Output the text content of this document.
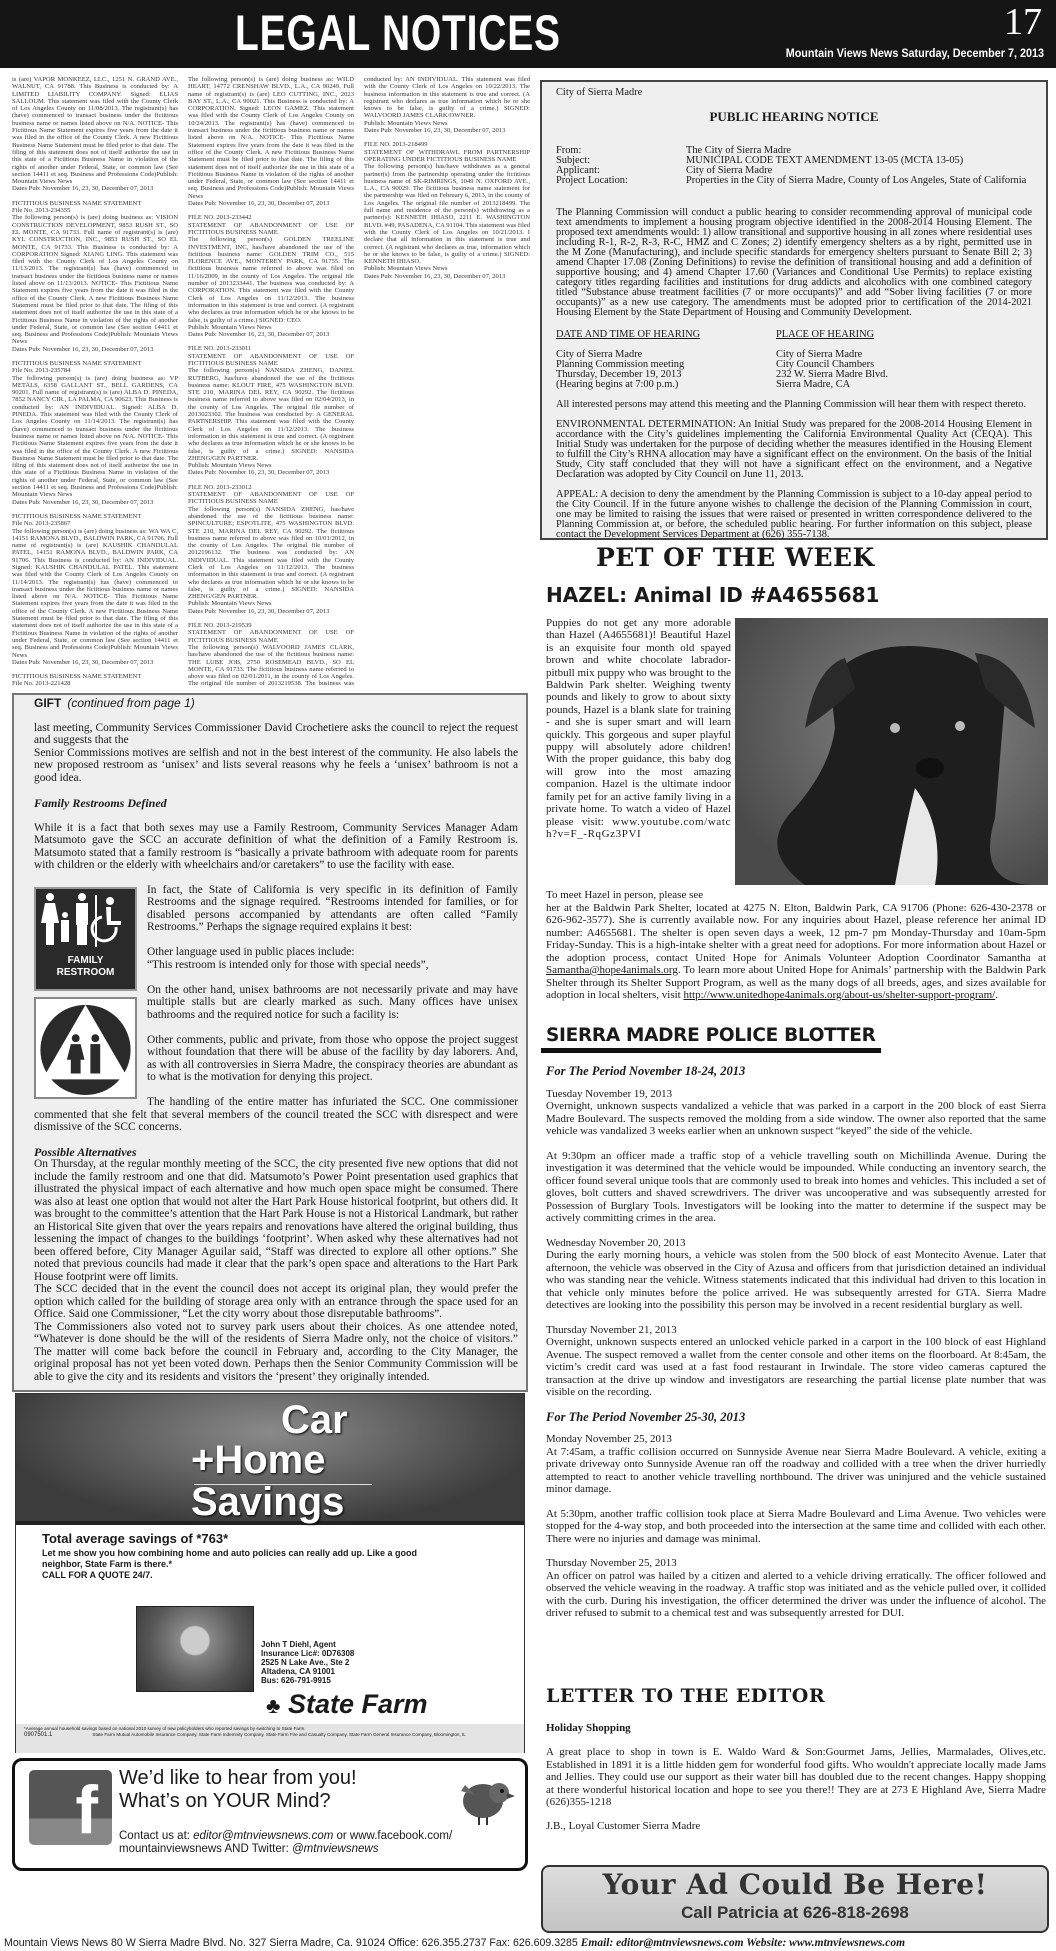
LEGAL NOTICES	17
Mountain Views News Saturday, December 7, 2013

is (are) VAPOR MONKEEZ, LLC., 1251 N. GRAND AVE., WALNUT, CA 91788. This Business is conducted by: A LIMITED LIABILITY COMPANY. Signed: ELIAS SALLOUM. This statement was filed with the County Clerk of Los Angeles County on 11/08/2013. The registrant(s) has (have) commenced to transact business under the fictitious business name or names listed above on N/A. NOTICE- This Fictitious Name Statement expires five years from the date it was filed in the office of the County Clerk. A new Fictitious Business Name Statement must be filed prior to that date. The filing of this statement does not of itself authorize the use in this state of a Fictitious Business Name in violation of the rights of another under Federal, State, or common law (See section 14411 et seq. Business and Professions Code)Publish: Mountain Views News

Dates Pub: November 16, 23, 30, December 07, 2013

FICTITIOUS BUSINESS NAME STATEMENT

File No. 2013-234355

The following person(s) is (are) doing business as: VISION CONSTRUCTION DEVELOPMENT, 9853 RUSH ST., SO EL MONTE, CA 91733. Full name of registrant(s) is (are) KYL CONSTRUCTION, INC., 9853 RUSH ST., SO EL MONTE, CA 91733. This Business is conducted by: A CORPORATION Signed: XIANG LING. This statement was filed with the County Clerk of Los Angeles County on 11/13/2013. The registrant(s) has (have) commenced to transact business under the fictitious business name or names listed above on 11/13/2013. NOTICE- This Fictitious Name Statement expires five years from the date it was filed in the office of the County Clerk. A new Fictitious Business Name Statement must be filed prior to that date. The filing of this statement does not of itself authorize the use in this state of a Fictitious Business Name in violation of the rights of another under Federal, State, or common law (See section 14411 et seq. Business and Professions Code)Publish: Mountain Views News

Dates Pub: November 16, 23, 30, December 07, 2013

FICTITIOUS BUSINESS NAME STATEMENT

File No. 2013-235784

The following person(s) is (are) doing business as: VP METALS, 6358 GALLANT ST., BELL GARDENS, CA 90201. Full name of registrant(s) is (are) ALBA D. PINEDA, 7852 NANCY CIR., LA PALMA, CA 90623. This Business is conducted by: AN INDIVIDUAL. Signed: ALBA D. PINEDA. This statement was filed with the County Clerk of Los Angeles County on 11/14/2013. The registrant(s) has (have) commenced to transact business under the fictitious business name or names listed above on N/A. NOTICE- This Fictitious Name Statement expires five years from the date it was filed in the office of the County Clerk. A new Fictitious Business Name Statement must be filed prior to that date. The filing of this statement does not of itself authorize the use in this state of a Fictitious Business Name in violation of the rights of another under Federal, State, or common law (See section 14411 et seq. Business and Professions Code)Publish: Mountain Views News

Dates Pub: November 16, 23, 30, December 07, 2013

FICTITIOUS BUSINESS NAME STATEMENT

File No. 2013-235867

The following person(s) is (are) doing business as: WA WA C, 14151 RAMONA BLVD., BALDWIN PARK, CA 91706. Full name of registrant(s) is (are) KAUSHIK CHANDULAL PATEL, 14151 RAMONA BLVD., BALDWIN PARK, CA 91706. This Business is conducted by: AN INDIVIDUAL. Signed: KAUSHIK CHANDULAL PATEL. This statement was filed with the County Clerk of Los Angeles County on 11/14/2013. The registrant(s) has (have) commenced to transact business under the fictitious business name or names listed above on N/A. NOTICE- This Fictitious Name Statement expires five years from the date it was filed in the office of the County Clerk. A new Fictitious Business Name Statement must be filed prior to that date. The filing of this statement does not of itself authorize the use in this state of a Fictitious Business Name in violation of the rights of another under Federal, State, or common law (See section 14411 et seq. Business and Professions Code)Publish: Mountain Views News

Dates Pub: November 16, 23, 30, December 07, 2013

FICTITIOUS BUSINESS NAME STATEMENT

File No. 2013-221428

The following person(s) is (are) doing business as: WILD HEART, 14772 CRENSHAW BLVD., L.A., CA 90249. Full name of registrant(s) is (are) LEO CUTTING, INC., 2023 BAY ST., L.A., CA 90021. This Business is conducted by: A CORPORATION. Signed: LEON GAMEZ. This statement was filed with the County Clerk of Los Angeles County on 10/24/2013. The registrant(s) has (have) commenced to transact business under the fictitious business name or names listed above on N/A. NOTICE- This Fictitious Name Statement expires five years from the date it was filed in the office of the County Clerk. A new Fictitious Business Name Statement must be filed prior to that date. The filing of this statement does not of itself authorize the use in this state of a Fictitious Business Name in violation of the rights of another under Federal, State, or common law (See section 14411 et seq. Business and Professions Code)Publish: Mountain Views News

Dates Pub: November 16, 23, 30, December 07, 2013

FILE NO. 2013-233442

STATEMENT OF ABANDONMENT OF USE OF FICTITIOUS BUSINESS NAME

The following person(s) GOLDEN TREELINE INVESTMENT, INC, has/have abandoned the use of the fictitious business name: GOLDEN TRIM CO., 515 FLORENCE AVE., MONTEREY PARK, CA 91755. The fictitious business name referred to above was filed on 11/16/2009, in the county of Los Angeles. The original file number of 2013233441. The business was conducted by: A CORPORATION. This statement was filed with the County Clerk of Los Angeles on 11/12/2013. The business information in this statement is true and correct. (A registrant who declares as true information which he or she knows to be false, is guilty of a crime.) SIGNED: CEO.

Publish: Mountain Views News

Dates Pub: November 16, 23, 30, December 07, 2013

FILE NO. 2013-233011

STATEMENT OF ABANDONMENT OF USE OF FICTITIOUS BUSINESS NAME

The following person(s) NANSIDA ZHENG, DANIEL RUTBERG, has/have abandoned the use of the fictitious business name: KLOUT FIRE, 475 WASHINGTON BLVD. STE 210, MARINA DEL REY, CA 90292. The fictitious business name referred to above was filed on 02/04/2013, in the county of Los Angeles. The original file number of 2013023302. The business was conducted by: A GENERAL PARTNERSHIP. This statement was filed with the County Clerk of Los Angeles on 11/12/2013. The business information in this statement is true and correct. (A registrant who declares as true information which he or she knows to be false, is guilty of a crime.) SIGNED: NANSIDA ZHENG/GEN PARTNER.

Publish: Mountain Views News

Dates Pub: November 16, 23, 30, December 07, 2013

FILE NO. 2013-233012

STATEMENT OF ABANDONMENT OF USE OF FICTITIOUS BUSINESS NAME

The following person(s) NANSIDA ZHENG, has/have abandoned the use of the fictitious business name: SPINCULTURE; ESPOTLITE, 475 WASHINGTON BLVD. STE 210, MARINA DEL REY, CA 90292. The fictitious business name referred to above was filed on 10/01/2012, in the county of Los Angeles. The original file number of 2012196132. The business was conducted by: AN INDIVIDUAL. This statement was filed with the County Clerk of Los Angeles on 11/12/2013. The business information in this statement is true and correct. (A registrant who declares as true information which he or she knows to be false, is guilty of a crime.) SIGNED: NANSIDA ZHENG/GEN PARTNER.

Publish: Mountain Views News

Dates Pub: November 16, 23, 30, December 07, 2013

FILE NO. 2013-219539

STATEMENT OF ABANDONMENT OF USE OF FICTITIOUS BUSINESS NAME

The following person(s) WALVOORD JAMES CLARK, has/have abandoned the use of the fictitious business name: THE LUBE JOB, 2750 ROSEMEAD BLVD., SO EL MONTE, CA 91733. The fictitious business name referred to above was filed on 02/01/2011, in the county of Los Angeles. The original file number of 2013219538. The business was conducted by: AN INDIVIDUAL. This statement was filed with the County Clerk of Los Angeles on 10/22/2013. The business information in this statement is true and correct. (A registrant who declares as true information which he or she knows to be false, is guilty of a crime.) SIGNED: WALVOORD JAMES CLARK/OWNER.

Publish: Mountain Views News

Dates Pub: November 16, 23, 30, December 07, 2013

FILE NO. 2013-218499

STATEMENT OF WITHDRAWL FROM PARTNERSHIP OPERATING UNDER FICTITIOUS BUSINESS NAME

The following person(s) has/have withdrawn as a general partner(s) from the partnership operating under the fictitious business name of SK-RIMRINGS, 1049 N. OXFORD AVE., L.A., CA 90029. The fictitious business name statement for the partnership was filed on February 6, 2013, in the county of Los Angeles. The original file number of 2013218499. The full name and residence of the person(s) withdrawing as a partner(s): KENNETH IHIASO, 2211 E. WASHINGTON BLVD. #49, PASADENA, CA 91104. This statement was filed with the County Clerk of Los Angeles on 10/21/2013. I declare that all information in this statement is true and correct. (A registrant who declares as true, information which he or she knows to be false, is guilty of a crime.) SIGNED: KENNETH IHIASO.

Publish: Mountain Views News

Dates Pub: November 16, 23, 30, December 07, 2013

City of Sierra Madre
PUBLIC HEARING NOTICE
From:	The City of Sierra Madre
Subject:	MUNICIPAL CODE TEXT AMENDMENT 13-05 (MCTA 13-05)
Applicant:	City of Sierra Madre
Project Location:	Properties in the City of Sierra Madre, County of Los Angeles, State of California
The Planning Commission will conduct a public hearing to consider recommending approval of municipal code text amendments to implement a housing program objective identified in the 2008-2014 Housing Element. The proposed text amendments would: 1) allow transitional and supportive housing in all zones where residential uses including R-1, R-2, R-3, R-C, HMZ and C Zones; 2) identify emergency shelters as a by right, permitted use in the M Zone (Manufacturing), and include specific standards for emergency shelters pursuant to Senate Bill 2; 3) amend Chapter 17.08 (Zoning Definitions) to revise the definition of transitional housing and add a definition of supportive housing; and 4) amend Chapter 17.60 (Variances and Conditional Use Permits) to replace existing category titles regarding facilities and institutions for drug addicts and alcoholics with one combined category titled “Substance abuse treatment facilities (7 or more occupants)” and add “Sober living facilities (7 or more occupants)” as a new use category. The amendments must be adopted prior to certification of the 2014-2021 Housing Element by the State Department of Housing and Community Development.
DATE AND TIME OF HEARING
City of Sierra Madre
Planning Commission meeting
Thursday, December 19, 2013
(Hearing begins at 7:00 p.m.)
PLACE OF HEARING
City of Sierra Madre
City Council Chambers
232 W. Sierra Madre Blvd.
Sierra Madre, CA
All interested persons may attend this meeting and the Planning Commission will hear them with respect thereto.
ENVIRONMENTAL DETERMINATION: An Initial Study was prepared for the 2008-2014 Housing Element in accordance with the City’s guidelines implementing the California Environmental Quality Act (CEQA). This Initial Study was undertaken for the purpose of deciding whether the measures identified in the Housing Element to fulfill the City’s RHNA allocation may have a significant effect on the environment. On the basis of the Initial Study, City staff concluded that they will not have a significant effect on the environment, and a Negative Declaration was adopted by City Council on June 11, 2013.
APPEAL: A decision to deny the amendment by the Planning Commission is subject to a 10-day appeal period to the City Council. If in the future anyone wishes to challenge the decision of the Planning Commission in court, one may be limited to raising the issues that were raised or presented in written correspondence delivered to the Planning Commission at, or before, the scheduled public hearing. For further information on this subject, please contact the Development Services Department at (626) 355-7138.
GIFT (continued from page 1)

last meeting, Community Services Commissioner David Crochetiere asks the council to reject the request and suggests that the

Senior Commissions motives are selfish and not in the best interest of the community. He also labels the new proposed restroom as ‘unisex’ and lists several reasons why he feels a ‘unisex’ bathroom is not a good idea.

Family Restrooms Defined

While it is a fact that both sexes may use a Family Restroom, Community Services Manager Adam Matsumoto gave the SCC an accurate definition of what the definition of a Family Restroom is. Matsumoto stated that a family restroom is “basically a private bathroom with adequate room for parents with children or the elderly with wheelchairs and/or caretakers” to use the facility with ease.

FAMILY
RESTROOM

In fact, the State of California is very specific in its definition of Family Restrooms and the signage required. “Restrooms intended for families, or for disabled persons accompanied by attendants are often called “Family Restrooms.” Perhaps the signage required explains it best:

Other language used in public places include:

“This restroom is intended only for those with special needs”,

On the other hand, unisex bathrooms are not necessarily private and may have multiple stalls but are clearly marked as such. Many offices have unisex bathrooms and the required notice for such a facility is:

Other comments, public and private, from those who oppose the project suggest without foundation that there will be abuse of the facility by day laborers. And, as with all controversies in Sierra Madre, the conspiracy theories are abundant as to what is the motivation for denying this project.

The handling of the entire matter has infuriated the SCC. One commissioner commented that she felt that several members of the council treated the SCC with disrespect and were dismissive of the SCC concerns.

Possible Alternatives

On Thursday, at the regular monthly meeting of the SCC, the city presented five new options that did not include the family restroom and one that did. Matsumoto’s Power Point presentation used graphics that illustrated the physical impact of each alternative and how much open space might be consumed. There was also at least one option that would not alter the Hart Park House historical footprint, but others did. It was brought to the committee’s attention that the Hart Park House is not a Historical Landmark, but rather an Historical Site given that over the years repairs and renovations have altered the original building, thus lessening the impact of changes to the buildings ‘footprint’. When asked why these alternatives had not been offered before, City Manager Aguilar said, “Staff was directed to explore all other options.” She noted that previous councils had made it clear that the park’s open space and alterations to the Hart Park House footprint were off limits.

The SCC decided that in the event the council does not accept its original plan, they would prefer the option which called for the building of storage area only with an entrance through the space used for an Office. Said one Commissioner, “Let the city worry about those disreputable bathrooms”.

The Commissioners also voted not to survey park users about their choices. As one attendee noted, “Whatever is done should be the will of the residents of Sierra Madre only, not the choice of visitors.” The matter will come back before the council in February and, according to the City Manager, the original proposal has not yet been voted down. Perhaps then the Senior Community Commission will be able to give the city and its residents and visitors the ‘present’ they originally intended.

Car
+Home
Savings
Total average savings of *763*
Let me show you how combining home and auto policies can really add up. Like a good neighbor, State Farm is there.*
CALL FOR A QUOTE 24/7.
John T Diehl, Agent
Insurance Lic#: 0D76308
2525 N Lake Ave., Ste 2
Altadena, CA 91001
Bus: 626-791-9915
♣ State Farm
*Average annual household savings based on national 2010 survey of new policyholders who reported savings by switching to State Farm.
0907501.1	State Farm Mutual Automobile Insurance Company, State Farm Indemnity Company, State Farm Fire and Casualty Company, State Farm General Insurance Company, Bloomington, IL
f	We’d like to hear from you!
What’s on YOUR Mind?
Contact us at: editor@mtnviewsnews.com or www.facebook.com/
mountainviewsnews AND Twitter: @mtnviewsnews
PET OF THE WEEK
HAZEL: Animal ID #A4655681
Puppies do not get any more adorable than Hazel (A4655681)! Beautiful Hazel is an exquisite four month old spayed brown and white chocolate labrador-pitbull mix puppy who was brought to the Baldwin Park shelter. Weighing twenty pounds and likely to grow to about sixty pounds, Hazel is a blank slate for training - and she is super smart and will learn quickly. This gorgeous and super playful puppy will absolutely adore children! With the proper guidance, this baby dog will grow into the most amazing companion. Hazel is the ultimate indoor family pet for an active family living in a private home. To watch a video of Hazel please visit: www.youtube.com/watch?v=F_-RqGz3PVI
To meet Hazel in person, please see
her at the Baldwin Park Shelter, located at 4275 N. Elton, Baldwin Park, CA 91706 (Phone: 626-430-2378 or 626-962-3577). She is currently available now. For any inquiries about Hazel, please reference her animal ID number: A4655681. The shelter is open seven days a week, 12 pm-7 pm Monday-Thursday and 10am-5pm Friday-Sunday. This is a high-intake shelter with a great need for adoptions. For more information about Hazel or the adoption process, contact United Hope for Animals Volunteer Adoption Coordinator Samantha at Samantha@hope4animals.org. To learn more about United Hope for Animals’ partnership with the Baldwin Park Shelter through its Shelter Support Program, as well as the many dogs of all breeds, ages, and sizes available for adoption in local shelters, visit http://www.unitedhope4animals.org/about-us/shelter-support-program/.
SIERRA MADRE POLICE BLOTTER
For The Period November 18-24, 2013
Tuesday November 19, 2013
Overnight, unknown suspects vandalized a vehicle that was parked in a carport in the 200 block of east Sierra Madre Boulevard. The suspects removed the molding from a side window. The owner also reported that the same vehicle was vandalized 3 weeks earlier when an unknown suspect “keyed” the side of the vehicle.
At 9:30pm an officer made a traffic stop of a vehicle travelling south on Michillinda Avenue. During the investigation it was determined that the vehicle would be impounded. While conducting an inventory search, the officer found several unique tools that are commonly used to break into homes and vehicles. This included a set of gloves, bolt cutters and shaved screwdrivers. The driver was uncooperative and was subsequently arrested for Possession of Burglary Tools. Investigators will be looking into the matter to determine if the suspect may be actively committing crimes in the area.
Wednesday November 20, 2013
During the early morning hours, a vehicle was stolen from the 500 block of east Montecito Avenue. Later that afternoon, the vehicle was observed in the City of Azusa and officers from that jurisdiction detained an individual who was standing near the vehicle. Witness statements indicated that this individual had driven to this location in that vehicle only minutes before the police arrived. He was subsequently arrested for GTA. Sierra Madre detectives are looking into the possibility this person may be involved in a recent residential burglary as well.
Thursday November 21, 2013
Overnight, unknown suspects entered an unlocked vehicle parked in a carport in the 100 block of east Highland Avenue. The suspect removed a wallet from the center console and other items on the floorboard. At 8:45am, the victim’s credit card was used at a fast food restaurant in Irwindale. The store video cameras captured the transaction at the drive up window and investigators are researching the partial license plate number that was visible on the recording.
For The Period November 25-30, 2013
Monday November 25, 2013
At 7:45am, a traffic collision occurred on Sunnyside Avenue near Sierra Madre Boulevard. A vehicle, exiting a private driveway onto Sunnyside Avenue ran off the roadway and collided with a tree when the driver hurriedly attempted to react to another vehicle travelling northbound. The driver was uninjured and the vehicle sustained minor damage.
At 5:30pm, another traffic collision took place at Sierra Madre Boulevard and Lima Avenue. Two vehicles were stopped for the 4-way stop, and both proceeded into the intersection at the same time and collided with each other. There were no injuries and damage was minimal.
Thursday November 25, 2013
An officer on patrol was hailed by a citizen and alerted to a vehicle driving erratically. The officer followed and observed the vehicle weaving in the roadway. A traffic stop was initiated and as the vehicle pulled over, it collided with the curb. During his investigation, the officer determined the driver was under the influence of alcohol. The driver refused to submit to a chemical test and was subsequently arrested for DUI.
LETTER TO THE EDITOR
Holiday Shopping
A great place to shop in town is E. Waldo Ward & Son:Gourmet Jams, Jellies, Marmalades, Olives,etc. Established in 1891 it is a little hidden gem for wonderful food gifts. Who wouldn't appreciate locally made Jams and Jellies. They could use our support as their water bill has doubled due to the recent changes. Happy shopping at there wonderful historical location and hope to see you there!! They are at 273 E Highland Ave, Sierra Madre (626)355-1218
J.B., Loyal Customer Sierra Madre
Your Ad Could Be Here!
Call Patricia at 626-818-2698
Mountain Views News 80 W Sierra Madre Blvd. No. 327 Sierra Madre, Ca. 91024 Office: 626.355.2737 Fax: 626.609.3285 Email: editor@mtnviewsnews.com Website: www.mtnviewsnews.com
